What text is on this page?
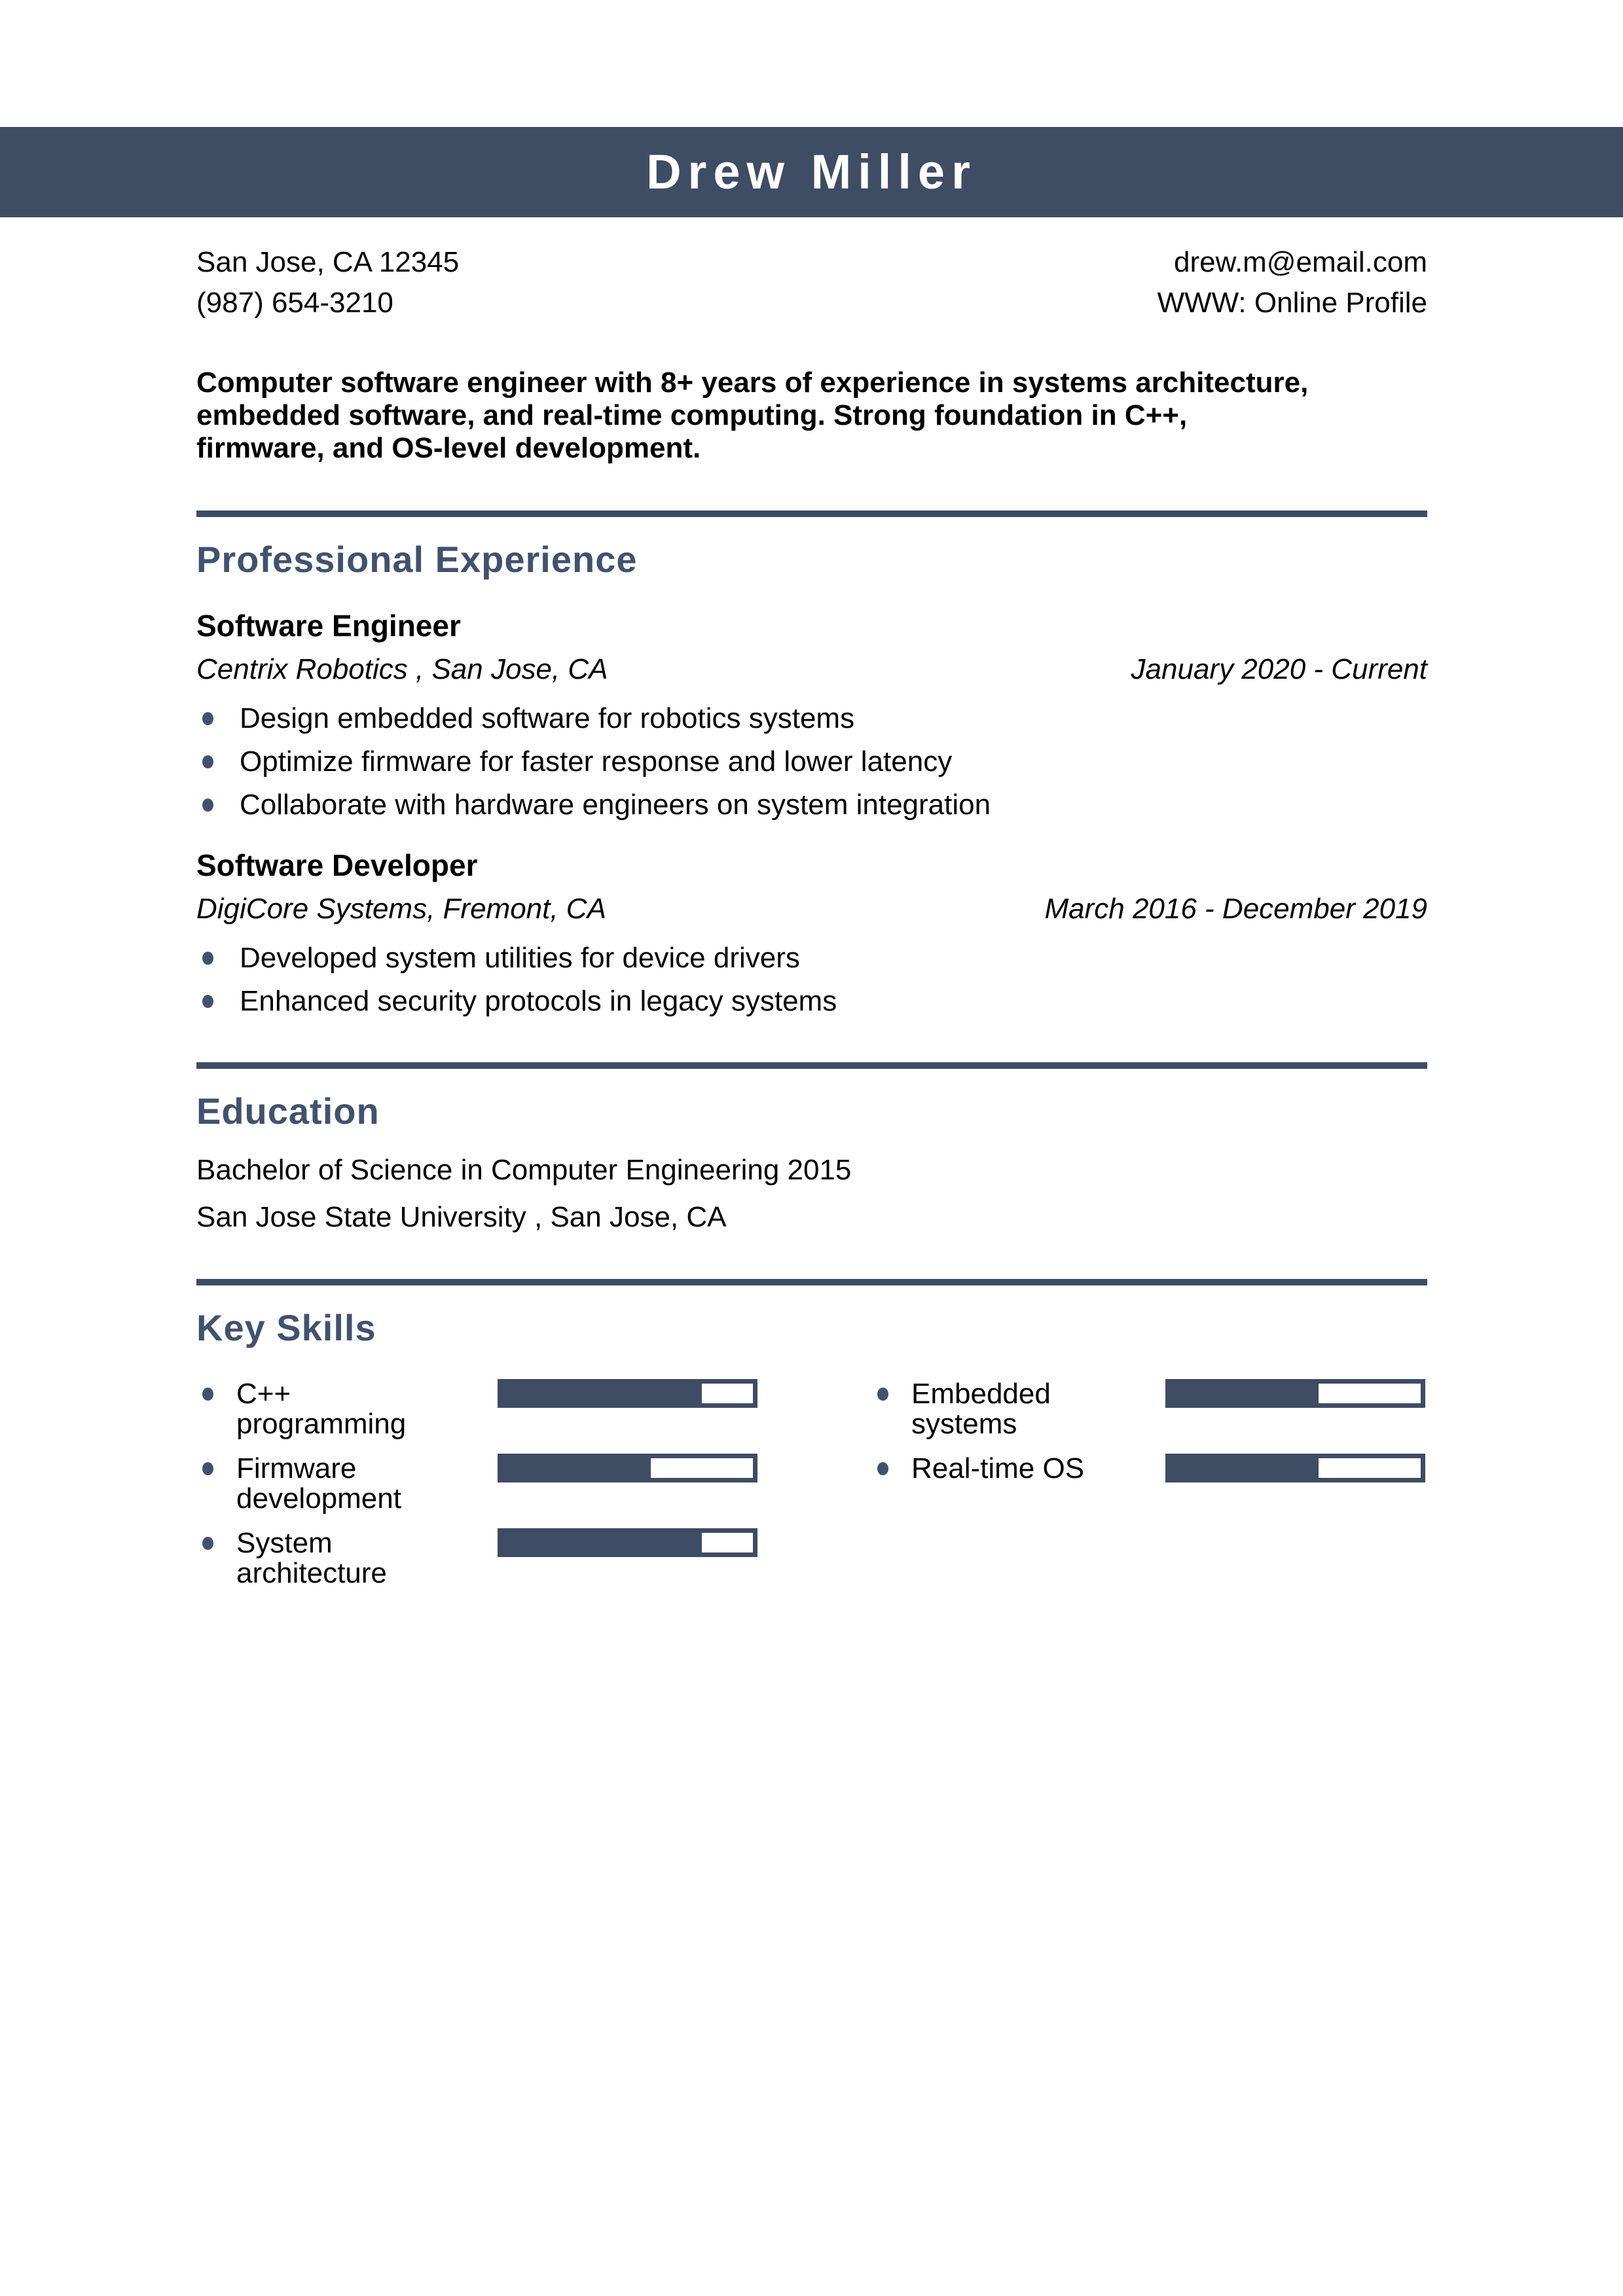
Drew Miller

San Jose, CA 12345

(987) 654-3210

drew.m@email.com

WWW: Online Profile

Computer software engineer with 8+ years of experience in systems architecture, embedded software, and real-time computing. Strong foundation in C++, firmware, and OS-level development.

Professional Experience

Software Engineer

Centrix Robotics , San Jose, CA	January 2020 - Current

Design embedded software for robotics systems
Optimize firmware for faster response and lower latency
Collaborate with hardware engineers on system integration

Software Developer

DigiCore Systems, Fremont, CA	March 2016 - December 2019

Developed system utilities for device drivers
Enhanced security protocols in legacy systems
Education

Bachelor of Science in Computer Engineering 2015

San Jose State University , San Jose, CA

Key Skills
C++ programming
Firmware development
System architecture
Embedded systems
Real-time OS
